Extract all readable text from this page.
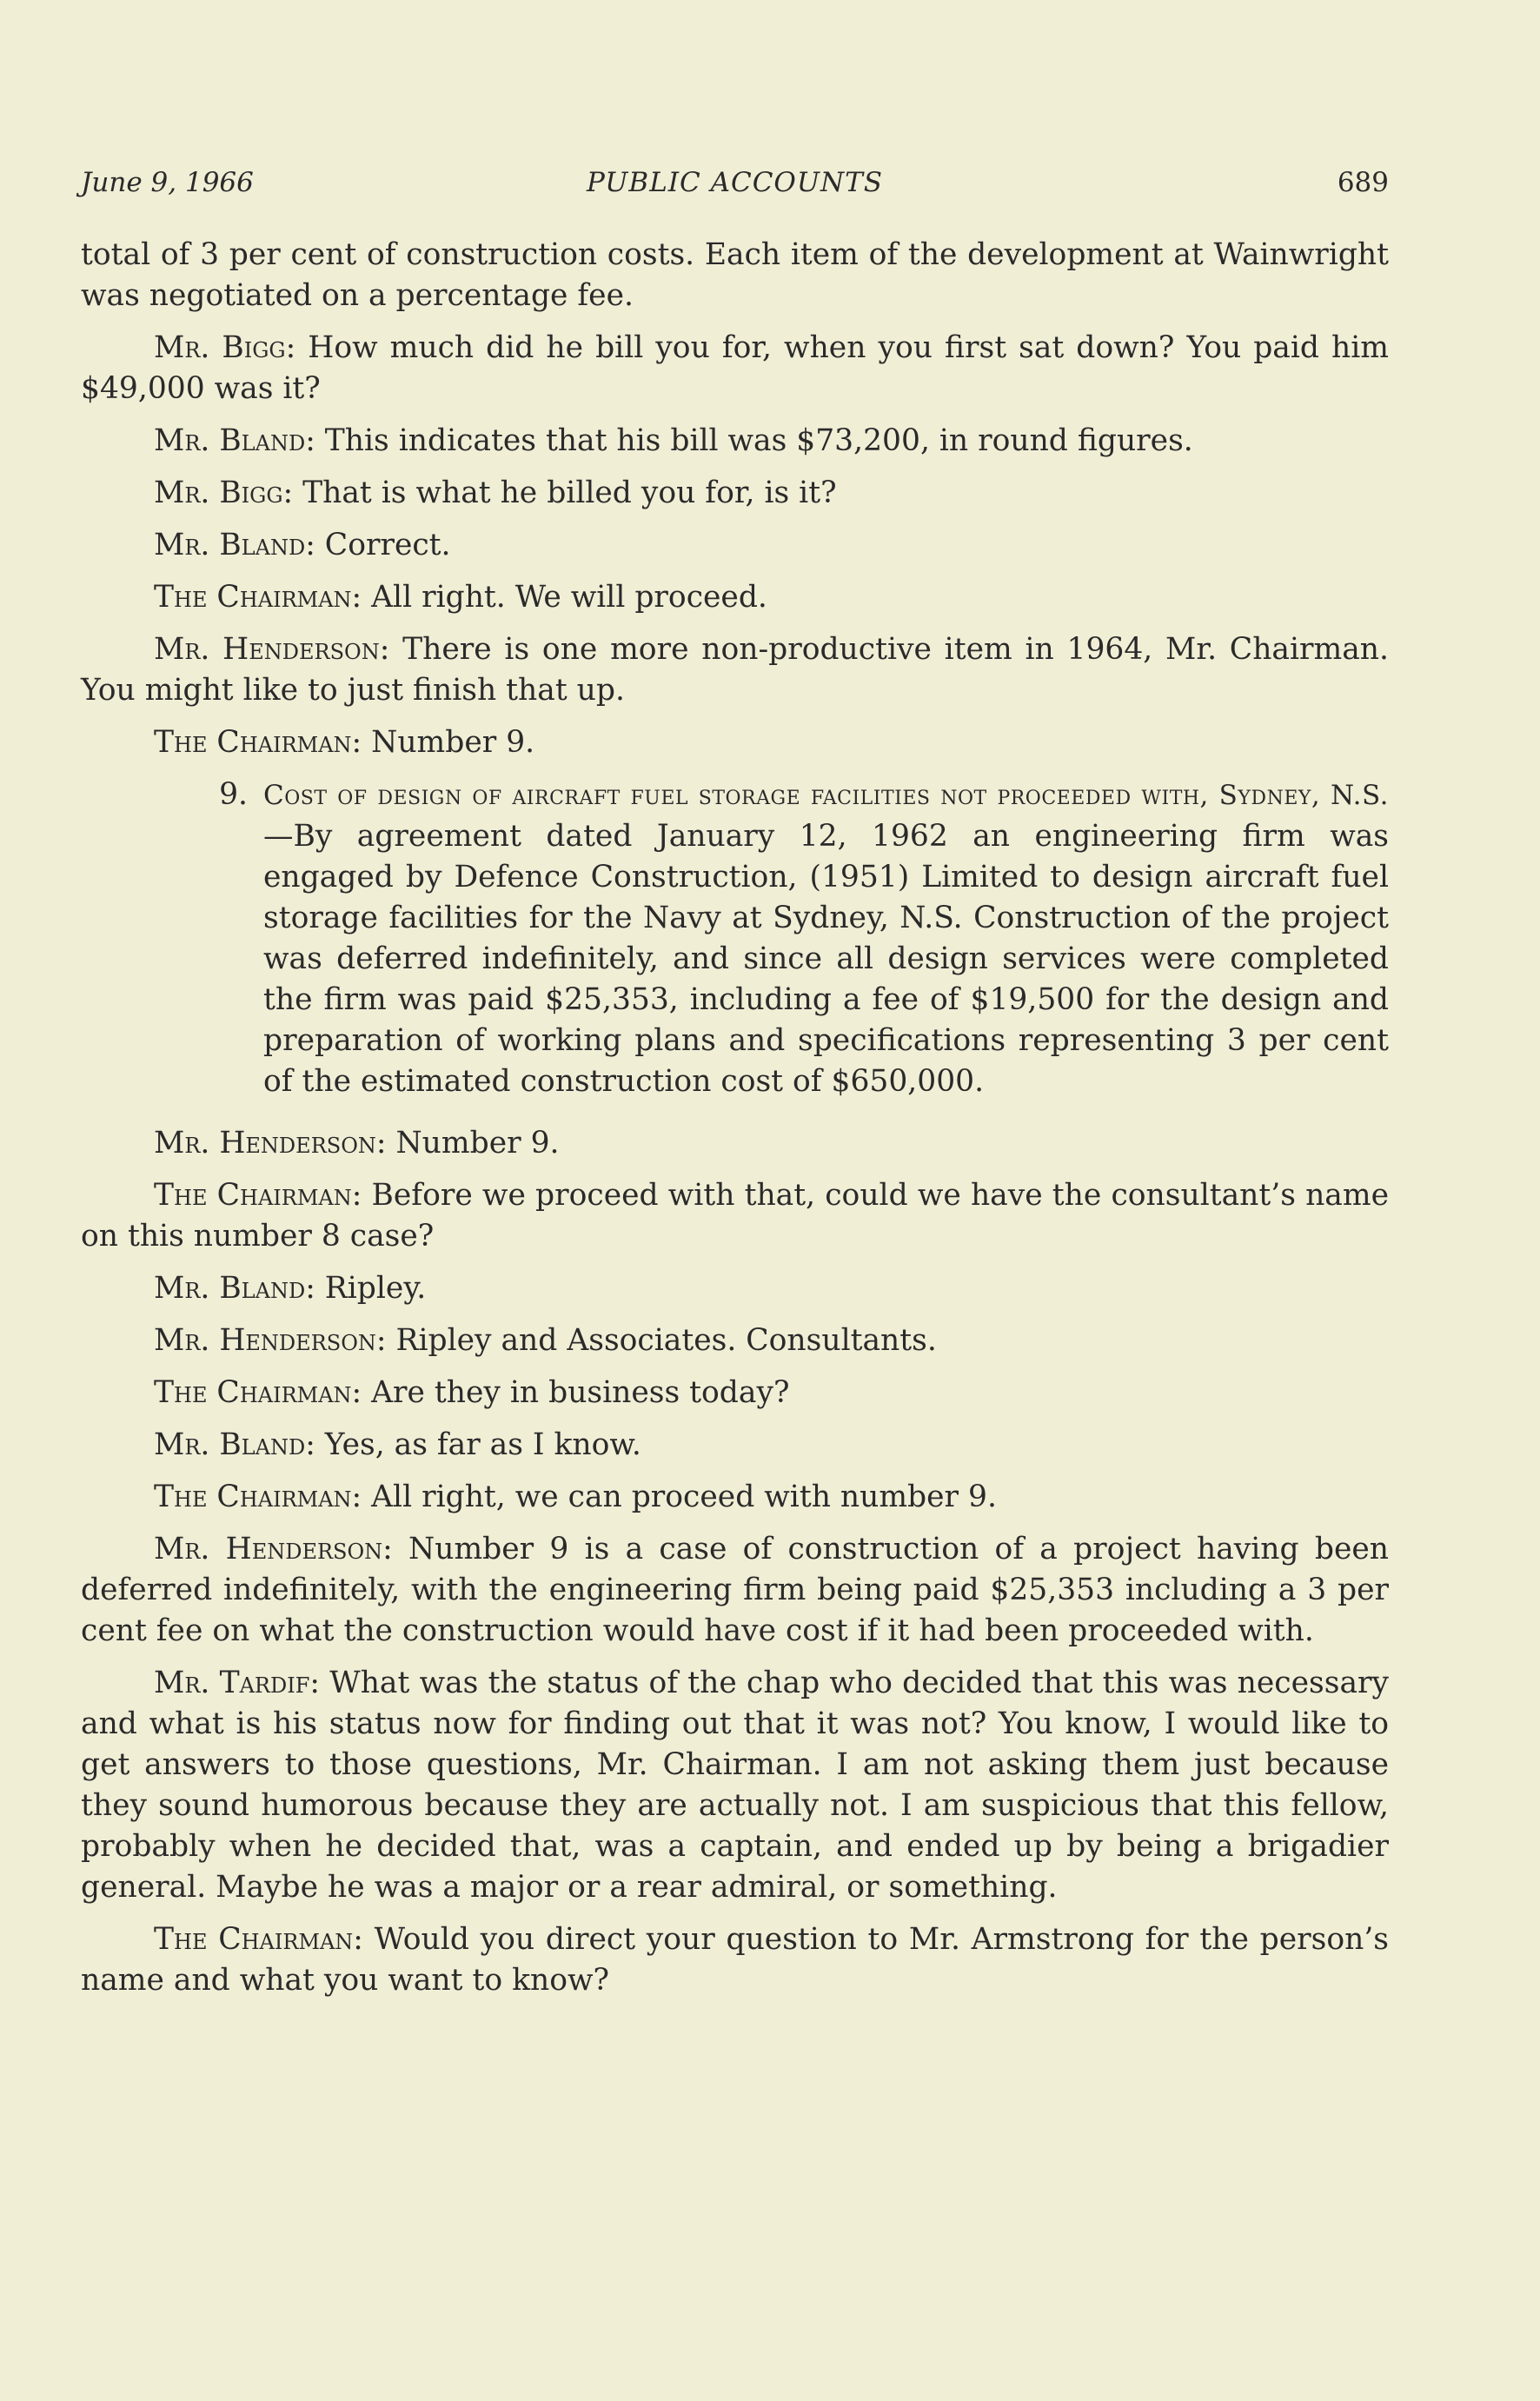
June 9, 1966	PUBLIC ACCOUNTS	689

total of 3 per cent of construction costs. Each item of the development at Wainwright was negotiated on a percentage fee.

Mr. Bigg: How much did he bill you for, when you first sat down? You paid him $49,000 was it?

Mr. Bland: This indicates that his bill was $73,200, in round figures.

Mr. Bigg: That is what he billed you for, is it?

Mr. Bland: Correct.

The Chairman: All right. We will proceed.

Mr. Henderson: There is one more non-productive item in 1964, Mr. Chairman. You might like to just finish that up.

The Chairman: Number 9.

9. Cost of design of aircraft fuel storage facilities not proceeded with, Sydney, N.S.—By agreement dated January 12, 1962 an engineering firm was engaged by Defence Construction, (1951) Limited to design aircraft fuel storage facilities for the Navy at Sydney, N.S. Construction of the project was deferred indefinitely, and since all design services were completed the firm was paid $25,353, including a fee of $19,500 for the design and preparation of working plans and specifications representing 3 per cent of the estimated construction cost of $650,000.

Mr. Henderson: Number 9.

The Chairman: Before we proceed with that, could we have the consultant’s name on this number 8 case?

Mr. Bland: Ripley.

Mr. Henderson: Ripley and Associates. Consultants.

The Chairman: Are they in business today?

Mr. Bland: Yes, as far as I know.

The Chairman: All right, we can proceed with number 9.

Mr. Henderson: Number 9 is a case of construction of a project having been deferred indefinitely, with the engineering firm being paid $25,353 including a 3 per cent fee on what the construction would have cost if it had been proceeded with.

Mr. Tardif: What was the status of the chap who decided that this was necessary and what is his status now for finding out that it was not? You know, I would like to get answers to those questions, Mr. Chairman. I am not asking them just because they sound humorous because they are actually not. I am suspicious that this fellow, probably when he decided that, was a captain, and ended up by being a brigadier general. Maybe he was a major or a rear admiral, or something.

The Chairman: Would you direct your question to Mr. Armstrong for the person’s name and what you want to know?
